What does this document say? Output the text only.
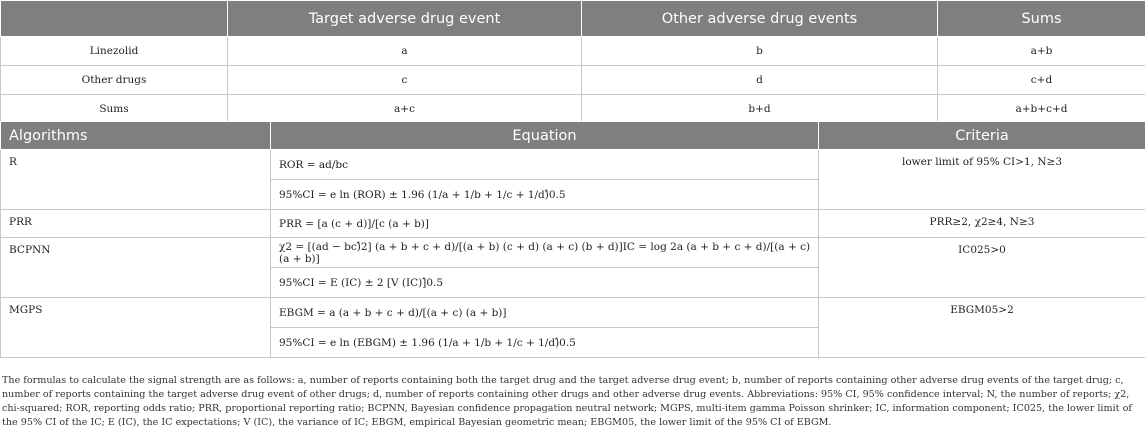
	Target adverse drug event	Other adverse drug events	Sums
Linezolid	a	b	a+b
Other drugs	c	d	c+d
Sums	a+c	b+d	a+b+c+d
Algorithms	Equation	Criteria
R	ROR = ad/bc	lower limit of 95% CI>1, N≥3
	95%CI = e ln (ROR) ± 1.96 (1/a + 1/b + 1/c + 1/d)̂0.5	
PRR	PRR = [a (c + d)]/[c (a + b)]	PRR≥2, χ2≥4, N≥3
BCPNN	χ2 = [(ad − bc)̂2] (a + b + c + d)/[(a + b) (c + d) (a + c) (b + d)]IC = log 2a (a + b + c + d)/[(a + c) (a + b)]	IC025>0
	95%CI = E (IC) ± 2 [V (IC)]̂0.5	
MGPS	EBGM = a (a + b + c + d)/[(a + c) (a + b)]	EBGM05>2
	95%CI = e ln (EBGM) ± 1.96 (1/a + 1/b + 1/c + 1/d)̂0.5	

The formulas to calculate the signal strength are as follows: a, number of reports containing both the target drug and the target adverse drug event; b, number of reports containing other adverse drug events of the target drug; c, number of reports containing the target adverse drug event of other drugs; d, number of reports containing other drugs and other adverse drug events. Abbreviations: 95% CI, 95% confidence interval; N, the number of reports; χ2, chi-squared; ROR, reporting odds ratio; PRR, proportional reporting ratio; BCPNN, Bayesian confidence propagation neutral network; MGPS, multi-item gamma Poisson shrinker; IC, information component; IC025, the lower limit of the 95% CI of the IC; E (IC), the IC expectations; V (IC), the variance of IC; EBGM, empirical Bayesian geometric mean; EBGM05, the lower limit of the 95% CI of EBGM.
